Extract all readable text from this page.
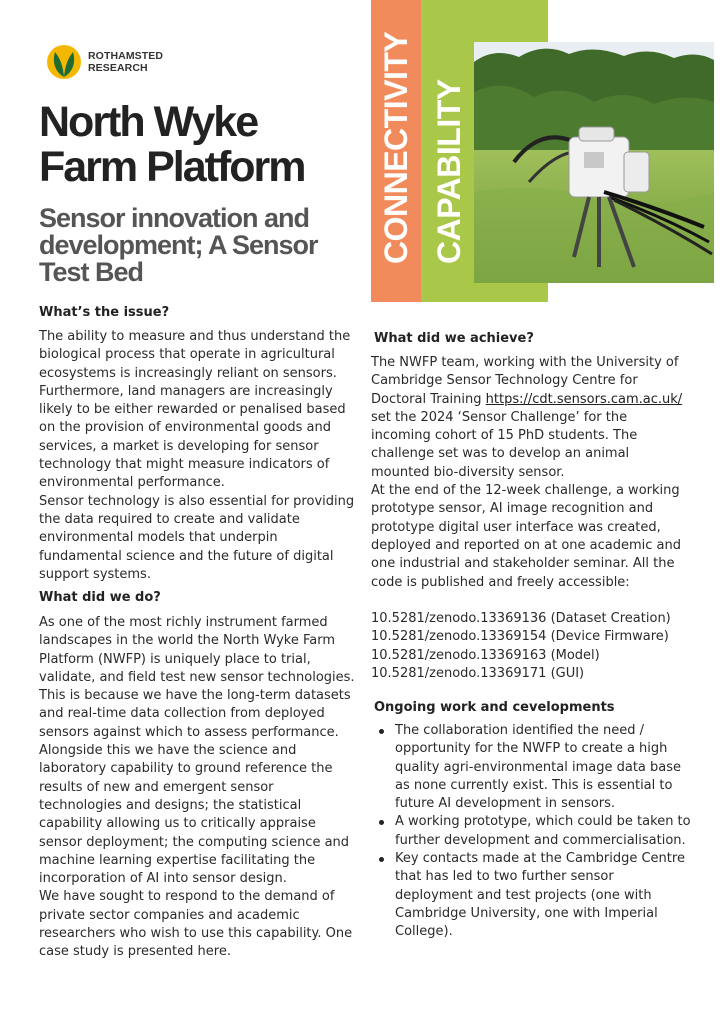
ROTHAMSTED
RESEARCH
North Wyke
Farm Platform
Sensor innovation and development; A Sensor Test Bed
CONNECTIVITY CAPABILITY
What’s the issue?

The ability to measure and thus understand the biological process that operate in agricultural ecosystems is increasingly reliant on sensors. Furthermore, land managers are increasingly likely to be either rewarded or penalised based on the provision of environmental goods and services, a market is developing for sensor technology that might measure indicators of environmental performance.
Sensor technology is also essential for providing the data required to create and validate environmental models that underpin fundamental science and the future of digital support systems.

What did we do?

As one of the most richly instrument farmed landscapes in the world the North Wyke Farm Platform (NWFP) is uniquely place to trial, validate, and field test new sensor technologies. This is because we have the long-term datasets and real-time data collection from deployed sensors against which to assess performance. Alongside this we have the science and laboratory capability to ground reference the results of new and emergent sensor technologies and designs; the statistical capability allowing us to critically appraise sensor deployment; the computing science and machine learning expertise facilitating the incorporation of AI into sensor design.
We have sought to respond to the demand of private sector companies and academic researchers who wish to use this capability. One case study is presented here.

What did we achieve?

The NWFP team, working with the University of Cambridge Sensor Technology Centre for Doctoral Training https://cdt.sensors.cam.ac.uk/ set the 2024 ‘Sensor Challenge’ for the incoming cohort of 15 PhD students. The challenge set was to develop an animal mounted bio-diversity sensor.
At the end of the 12-week challenge, a working prototype sensor, AI image recognition and prototype digital user interface was created, deployed and reported on at one academic and one industrial and stakeholder seminar. All the code is published and freely accessible:

10.5281/zenodo.13369136 (Dataset Creation)
10.5281/zenodo.13369154 (Device Firmware)
10.5281/zenodo.13369163 (Model)
10.5281/zenodo.13369171 (GUI)

Ongoing work and cevelopments
The collaboration identified the need / opportunity for the NWFP to create a high quality agri-environmental image data base as none currently exist. This is essential to future AI development in sensors.
A working prototype, which could be taken to further development and commercialisation.
Key contacts made at the Cambridge Centre that has led to two further sensor deployment and test projects (one with Cambridge University, one with Imperial College).
